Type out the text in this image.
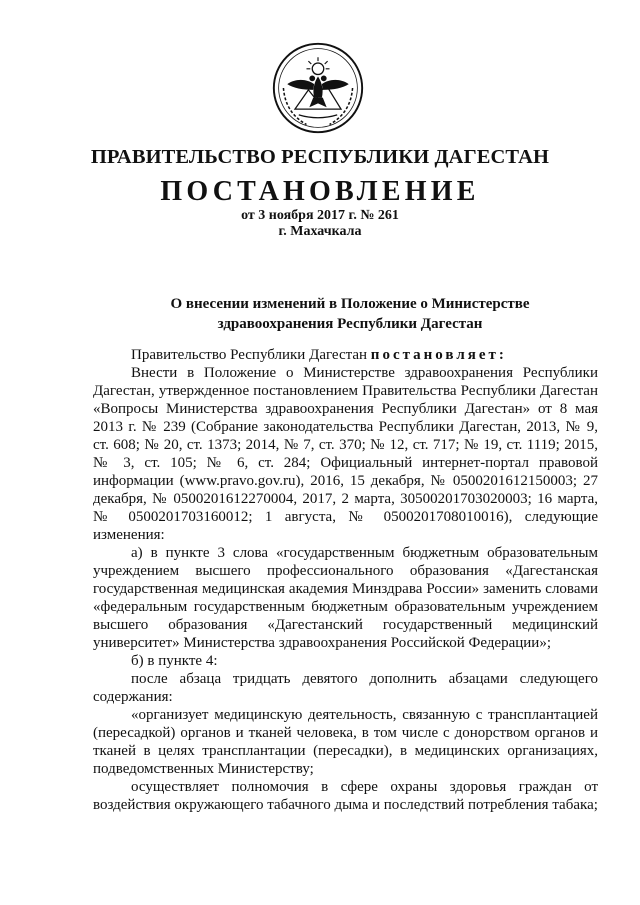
ПРАВИТЕЛЬСТВО РЕСПУБЛИКИ ДАГЕСТАН
ПОСТАНОВЛЕНИЕ
от 3 ноября 2017 г. № 261
г. Махачкала
О внесении изменений в Положение о Министерстве
здравоохранения Республики Дагестан

Правительство Республики Дагестан постановляет:

Внести в Положение о Министерстве здравоохранения Республики Дагестан, утвержденное постановлением Правительства Республики Дагестан «Вопросы Министерства здравоохранения Республики Дагестан» от 8 мая 2013 г. № 239 (Собрание законодательства Республики Дагестан, 2013, № 9, ст. 608; № 20, ст. 1373; 2014, № 7, ст. 370; № 12, ст. 717; № 19, ст. 1119; 2015, № 3, ст. 105; № 6, ст. 284; Официальный интернет-портал правовой информации (www.pravo.gov.ru), 2016, 15 декабря, № 0500201612150003; 27 декабря, № 0500201612270004, 2017, 2 марта, 30500201703020003; 16 марта, № 0500201703160012; 1 августа, № 0500201708010016), следующие изменения:

а) в пункте 3 слова «государственным бюджетным образовательным учреждением высшего профессионального образования «Дагестанская государственная медицинская академия Минздрава России» заменить словами «федеральным государственным бюджетным образовательным учреждением высшего образования «Дагестанский государственный медицинский университет» Министерства здравоохранения Российской Федерации»;

б) в пункте 4:

после абзаца тридцать девятого дополнить абзацами следующего содержания:

«организует медицинскую деятельность, связанную с трансплантацией (пересадкой) органов и тканей человека, в том числе с донорством органов и тканей в целях трансплантации (пересадки), в медицинских организациях, подведомственных Министерству;

осуществляет полномочия в сфере охраны здоровья граждан от воздействия окружающего табачного дыма и последствий потребления табака;
